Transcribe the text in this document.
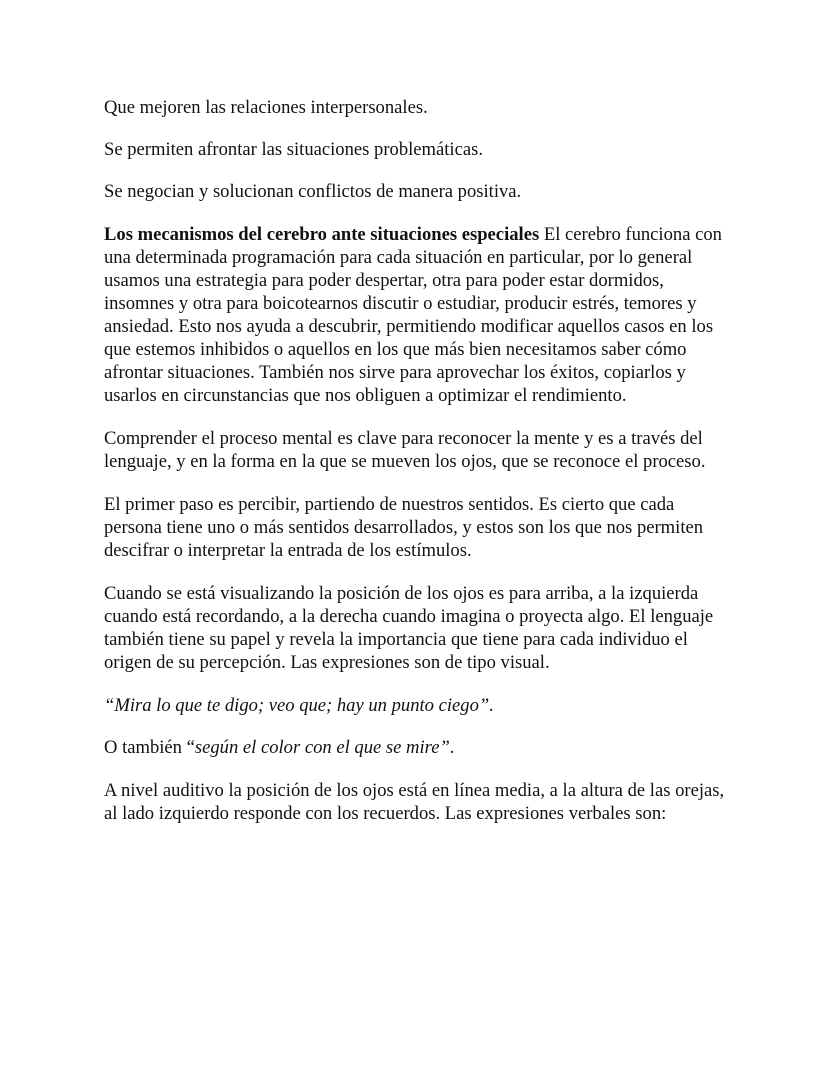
Que mejoren las relaciones interpersonales.

Se permiten afrontar las situaciones problemáticas.

Se negocian y solucionan conflictos de manera positiva.

Los mecanismos del cerebro ante situaciones especiales El cerebro funciona con una determinada programación para cada situación en particular, por lo general usamos una estrategia para poder despertar, otra para poder estar dormidos, insomnes y otra para boicotearnos discutir o estudiar, producir estrés, temores y ansiedad. Esto nos ayuda a descubrir, permitiendo modificar aquellos casos en los que estemos inhibidos o aquellos en los que más bien necesitamos saber cómo afrontar situaciones. También nos sirve para aprovechar los éxitos, copiarlos y usarlos en circunstancias que nos obliguen a optimizar el rendimiento.

Comprender el proceso mental es clave para reconocer la mente y es a través del lenguaje, y en la forma en la que se mueven los ojos, que se reconoce el proceso.

El primer paso es percibir, partiendo de nuestros sentidos. Es cierto que cada persona tiene uno o más sentidos desarrollados, y estos son los que nos permiten descifrar o interpretar la entrada de los estímulos.

Cuando se está visualizando la posición de los ojos es para arriba, a la izquierda cuando está recordando, a la derecha cuando imagina o proyecta algo. El lenguaje también tiene su papel y revela la importancia que tiene para cada individuo el origen de su percepción. Las expresiones son de tipo visual.

“Mira lo que te digo; veo que; hay un punto ciego”.

O también “según el color con el que se mire”.

A nivel auditivo la posición de los ojos está en línea media, a la altura de las orejas, al lado izquierdo responde con los recuerdos. Las expresiones verbales son:
